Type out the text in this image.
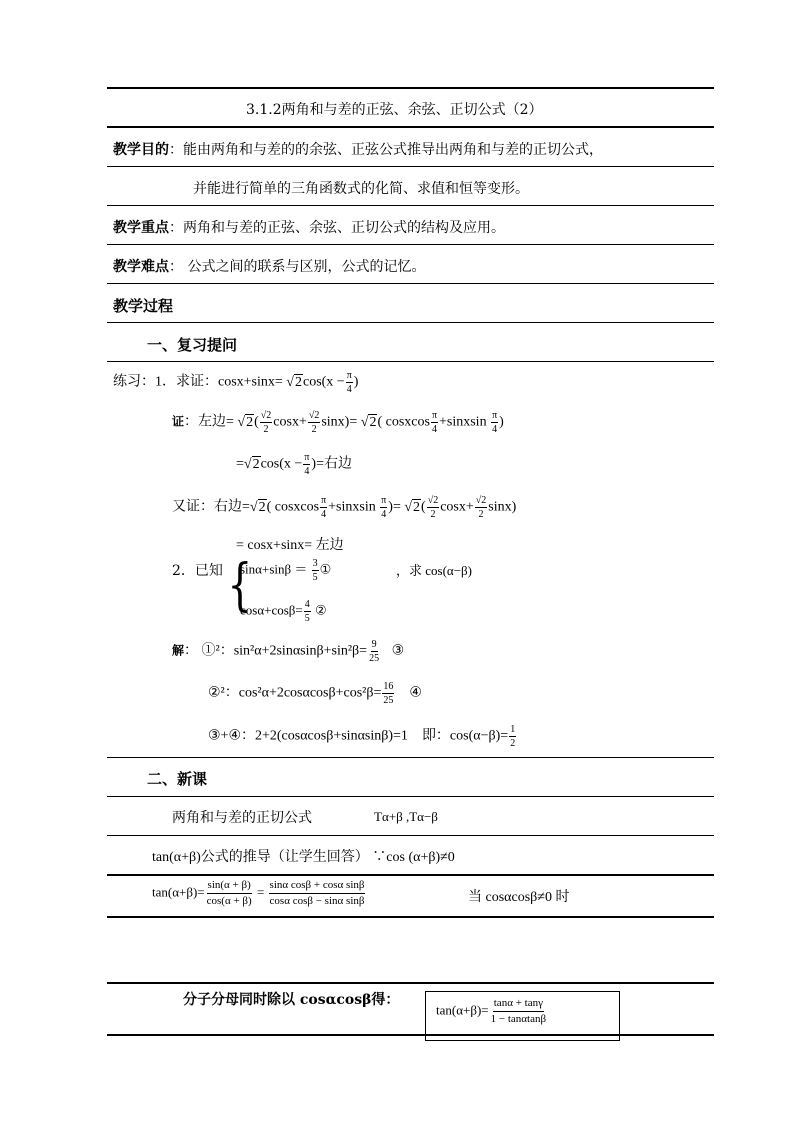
3.1.2两角和与差的正弦、余弦、正切公式（2）
教学目的：能由两角和与差的的余弦、正弦公式推导出两角和与差的正切公式，
并能进行简单的三角函数式的化简、求值和恒等变形。
教学重点：两角和与差的正弦、余弦、正切公式的结构及应用。
教学难点： 公式之间的联系与区别，公式的记忆。
教学过程
一、复习提问
练习：1．求证：$\cos x+\sin x= √2\cos(x - \frac{\pi}{4}$ )
证：左边= $√2( \frac{√2}{2} \cos x+ \frac{√2}{2} \sin x)= √2$( cosxcos $\frac{\pi}{4}$ +sinxsin $\frac{\pi}{4}$ )
$=√2\cos(x - \frac{\pi}{4}$ )=右边
又证：右边=√2( cosxcos $\frac{\pi}{4}$ +sinxsin $\frac{\pi}{4}$ )= $√2( \frac{√2}{2} \cos x+ \frac{√2}{2} \sin x)$
= cosx+sinx= 左边
2．已知 {
$\sin\alpha+\sin\beta = \frac{3}{5}$ ①	，求 cos(α−β)
$\cos\alpha+\cos\beta= \frac{4}{5}$ ②
解： ①²：$\sin^2\alpha+2\sin\alpha\sin\beta+\sin^2\beta= \frac{9}{25}$ ③
②²：$\cos^2\alpha+2\cos\alpha\cos\beta+\cos^2\beta= \frac{16}{25}$ ④
③+④：2+2(cosαcosβ+sinαsinβ)=1 即：$\cos(\alpha-\beta)= \frac{1}{2}$
二、新课
两角和与差的正切公式	Tα+β ,Tα−β
tan(α+β)公式的推导（让学生回答） ∵cos (α+β)≠0
$\tan(\alpha+\beta)= \frac{\sin(\alpha + \beta)}{\cos(\alpha + \beta)} = \frac{\text{sinα cosβ + cosα sinβ}}{\text{cosα cosβ − sinα sinβ}}$	当 cosαcosβ≠0 时
分子分母同时除以 cosαcosβ得：
$\tan(\alpha+\beta)= \frac{\tan\alpha + \tan\gamma}{1 - \tan\alpha\tan\beta}$
